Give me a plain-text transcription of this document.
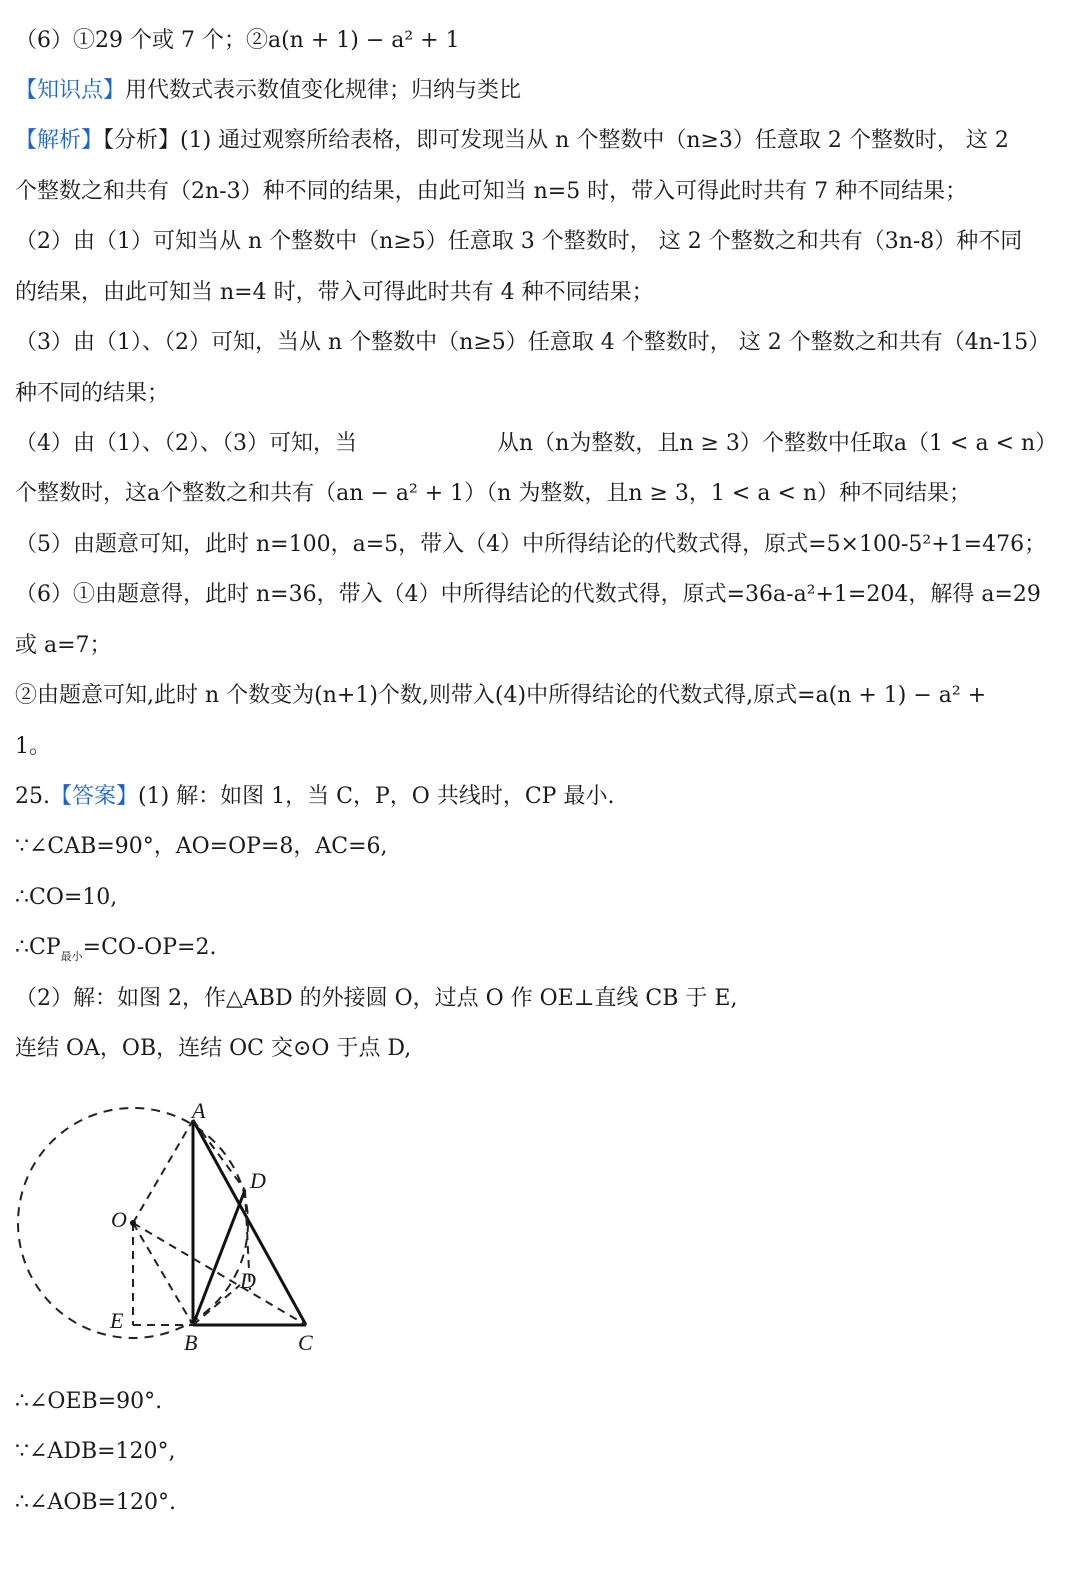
（6）①29 个或 7 个；②a(n + 1) − a² + 1
【知识点】用代数式表示数值变化规律；归纳与类比
【解析】【分析】(1) 通过观察所给表格，即可发现当从 n 个整数中（n≥3）任意取 2 个整数时， 这 2
个整数之和共有（2n-3）种不同的结果，由此可知当 n=5 时，带入可得此时共有 7 种不同结果；
（2）由（1）可知当从 n 个整数中（n≥5）任意取 3 个整数时， 这 2 个整数之和共有（3n-8）种不同
的结果，由此可知当 n=4 时，带入可得此时共有 4 种不同结果；
（3）由（1）、（2）可知，当从 n 个整数中（n≥5）任意取 4 个整数时， 这 2 个整数之和共有（4n-15）
种不同的结果；
（4）由（1）、（2）、（3）可知，当	从n（n为整数，且n ≥ 3）个整数中任取a（1 < a < n）
个整数时，这a个整数之和共有（an − a² + 1）（n 为整数，且n ≥ 3，1 < a < n）种不同结果；
（5）由题意可知，此时 n=100，a=5，带入（4）中所得结论的代数式得，原式=5×100-5²+1=476；
（6）①由题意得，此时 n=36，带入（4）中所得结论的代数式得，原式=36a-a²+1=204，解得 a=29
或 a=7；
②由题意可知,此时 n 个数变为(n+1)个数,则带入(4)中所得结论的代数式得,原式=a(n + 1) − a² +
1。
25.【答案】(1) 解：如图 1，当 C，P，O 共线时，CP 最小.
∵∠CAB=90°，AO=OP=8，AC=6,
∴CO=10,
$\therefore CP_{最小}=CO-OP=2$.
（2）解：如图 2，作△ABD 的外接圆 O，过点 O 作 OE⊥直线 CB 于 E,
连结 OA，OB，连结 OC 交⊙O 于点 D,
A
D
O
D
E
B	C
∴∠OEB=90°.
∵∠ADB=120°,
∴∠AOB=120°.
